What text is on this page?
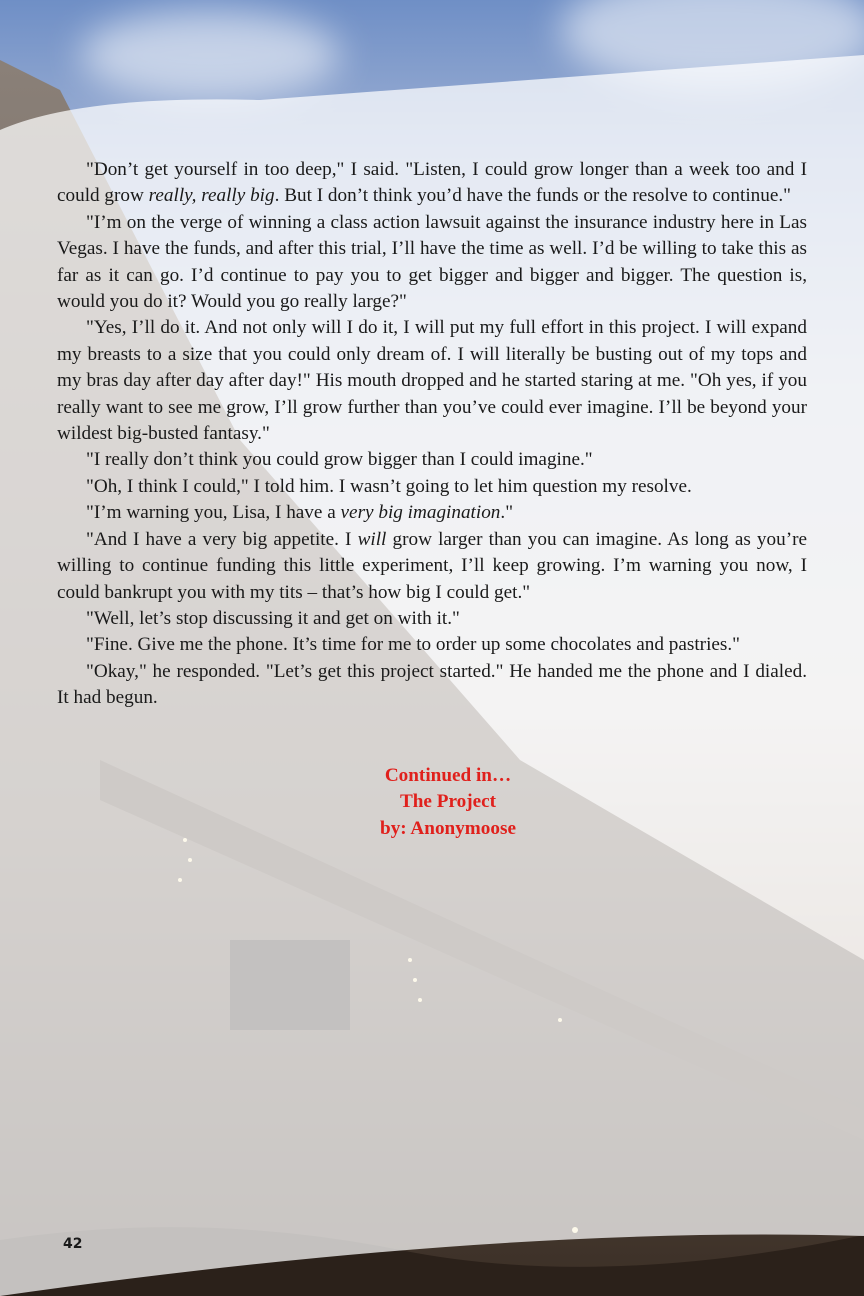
"Don’t get yourself in too deep," I said. "Listen, I could grow longer than a week too and I could grow really, really big. But I don’t think you’d have the funds or the resolve to continue."

"I’m on the verge of winning a class action lawsuit against the insurance industry here in Las Vegas. I have the funds, and after this trial, I’ll have the time as well. I’d be willing to take this as far as it can go. I’d continue to pay you to get bigger and bigger and bigger. The question is, would you do it? Would you go really large?"

"Yes, I’ll do it. And not only will I do it, I will put my full effort in this project. I will expand my breasts to a size that you could only dream of. I will literally be busting out of my tops and my bras day after day after day!" His mouth dropped and he started staring at me. "Oh yes, if you really want to see me grow, I’ll grow further than you’ve could ever imagine. I’ll be beyond your wildest big-busted fantasy."

"I really don’t think you could grow bigger than I could imagine."

"Oh, I think I could," I told him. I wasn’t going to let him question my resolve.

"I’m warning you, Lisa, I have a very big imagination."

"And I have a very big appetite. I will grow larger than you can imagine. As long as you’re willing to continue funding this little experiment, I’ll keep growing. I’m warning you now, I could bankrupt you with my tits – that’s how big I could get."

"Well, let’s stop discussing it and get on with it."

"Fine. Give me the phone. It’s time for me to order up some chocolates and pastries."

"Okay," he responded. "Let’s get this project started." He handed me the phone and I dialed. It had begun.

Continued in…
The Project
by: Anonymoose
42
